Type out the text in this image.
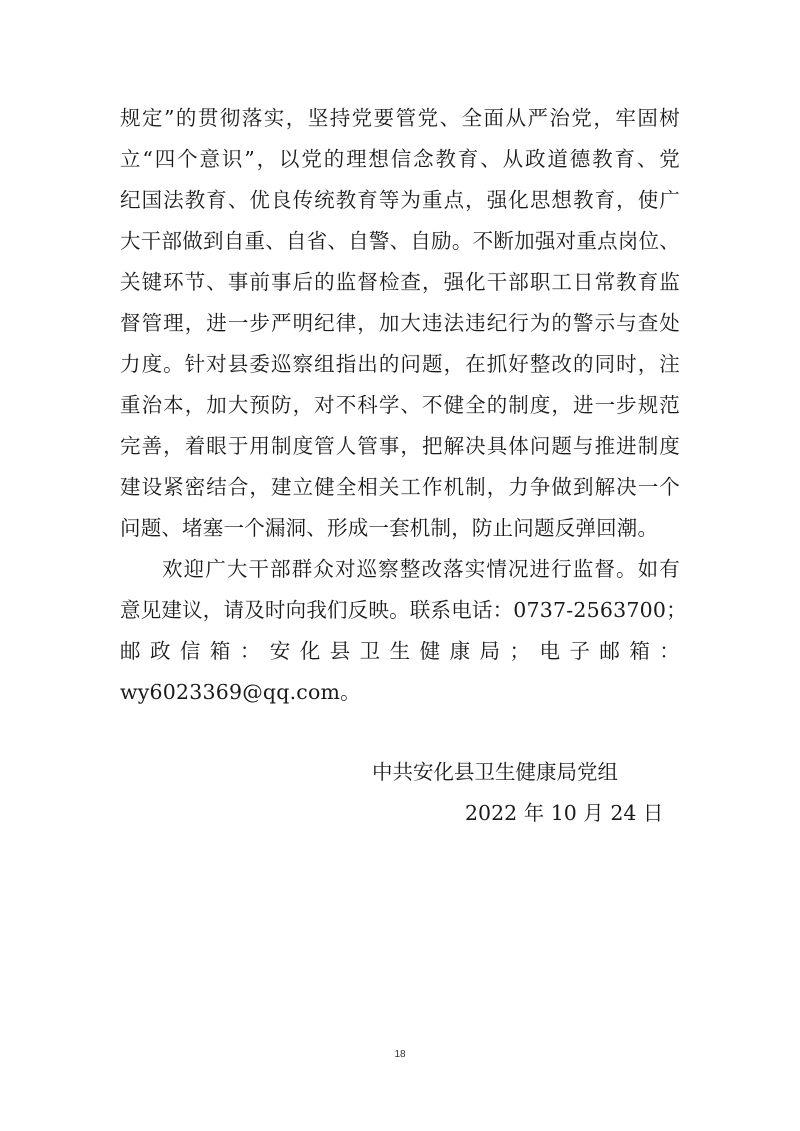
规定”的贯彻落实，坚持党要管党、全面从严治党，牢固树
立“四个意识”，以党的理想信念教育、从政道德教育、党
纪国法教育、优良传统教育等为重点，强化思想教育，使广
大干部做到自重、自省、自警、自励。不断加强对重点岗位、
关键环节、事前事后的监督检查，强化干部职工日常教育监
督管理，进一步严明纪律，加大违法违纪行为的警示与查处
力度。针对县委巡察组指出的问题，在抓好整改的同时，注
重治本，加大预防，对不科学、不健全的制度，进一步规范
完善，着眼于用制度管人管事，把解决具体问题与推进制度
建设紧密结合，建立健全相关工作机制，力争做到解决一个
问题、堵塞一个漏洞、形成一套机制，防止问题反弹回潮。
欢迎广大干部群众对巡察整改落实情况进行监督。如有
意见建议，请及时向我们反映。联系电话：0737-2563700；
邮政信箱：安化县卫生健康局；电子邮箱：
wy6023369@qq.com。
中共安化县卫生健康局党组
2022 年 10 月 24 日
18
